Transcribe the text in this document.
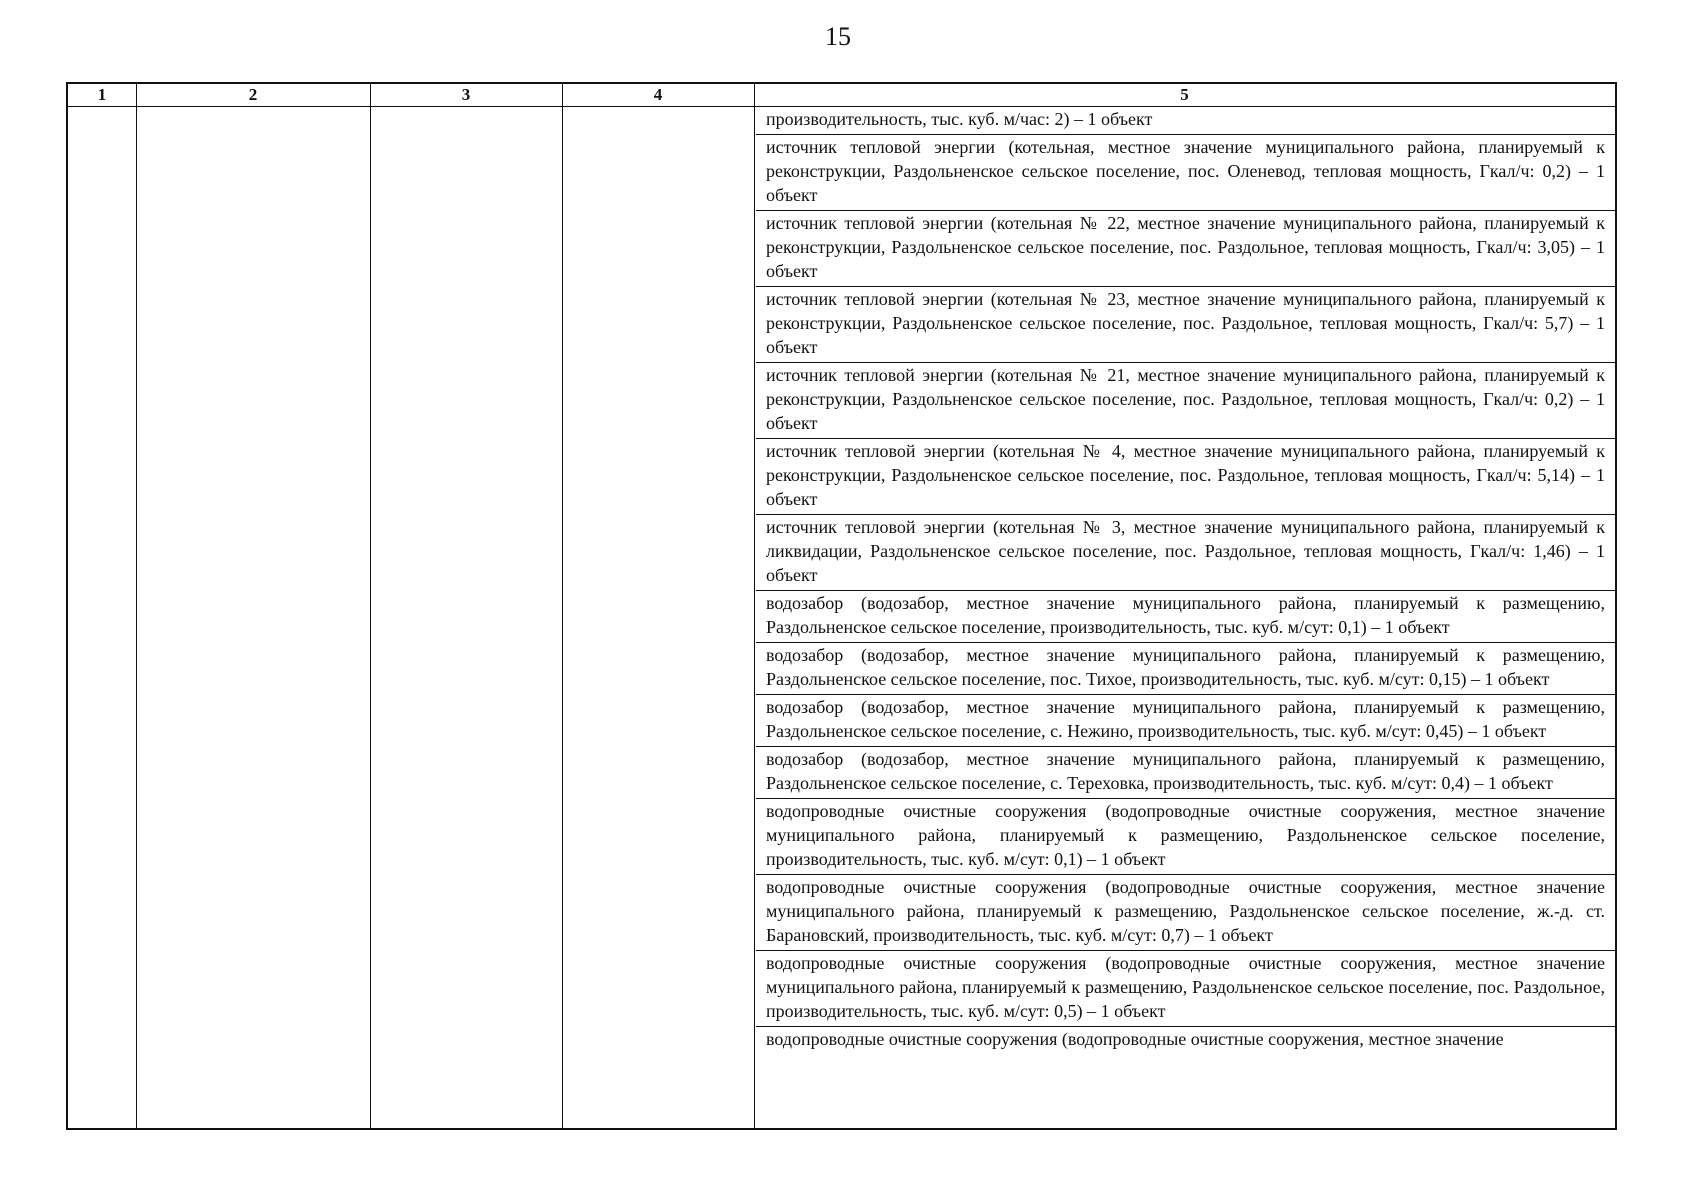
15
1	2	3	4	5
производительность, тыс. куб. м/час: 2) – 1 объект
источник тепловой энергии (котельная, местное значение муниципального района, планируемый к реконструкции, Раздольненское сельское поселение, пос. Оленевод, тепловая мощность, Гкал/ч: 0,2) – 1 объект
источник тепловой энергии (котельная № 22, местное значение муниципального района, планируемый к реконструкции, Раздольненское сельское поселение, пос. Раздольное, тепловая мощность, Гкал/ч: 3,05) – 1 объект
источник тепловой энергии (котельная № 23, местное значение муниципального района, планируемый к реконструкции, Раздольненское сельское поселение, пос. Раздольное, тепловая мощность, Гкал/ч: 5,7) – 1 объект
источник тепловой энергии (котельная № 21, местное значение муниципального района, планируемый к реконструкции, Раздольненское сельское поселение, пос. Раздольное, тепловая мощность, Гкал/ч: 0,2) – 1 объект
источник тепловой энергии (котельная № 4, местное значение муниципального района, планируемый к реконструкции, Раздольненское сельское поселение, пос. Раздольное, тепловая мощность, Гкал/ч: 5,14) – 1 объект
источник тепловой энергии (котельная № 3, местное значение муниципального района, планируемый к ликвидации, Раздольненское сельское поселение, пос. Раздольное, тепловая мощность, Гкал/ч: 1,46) – 1 объект
водозабор (водозабор, местное значение муниципального района, планируемый к размещению, Раздольненское сельское поселение, производительность, тыс. куб. м/сут: 0,1) – 1 объект
водозабор (водозабор, местное значение муниципального района, планируемый к размещению, Раздольненское сельское поселение, пос. Тихое, производительность, тыс. куб. м/сут: 0,15) – 1 объект
водозабор (водозабор, местное значение муниципального района, планируемый к размещению, Раздольненское сельское поселение, с. Нежино, производительность, тыс. куб. м/сут: 0,45) – 1 объект
водозабор (водозабор, местное значение муниципального района, планируемый к размещению, Раздольненское сельское поселение, с. Тереховка, производительность, тыс. куб. м/сут: 0,4) – 1 объект
водопроводные очистные сооружения (водопроводные очистные сооружения, местное значение муниципального района, планируемый к размещению, Раздольненское сельское поселение, производительность, тыс. куб. м/сут: 0,1) – 1 объект
водопроводные очистные сооружения (водопроводные очистные сооружения, местное значение муниципального района, планируемый к размещению, Раздольненское сельское поселение, ж.-д. ст. Барановский, производительность, тыс. куб. м/сут: 0,7) – 1 объект
водопроводные очистные сооружения (водопроводные очистные сооружения, местное значение муниципального района, планируемый к размещению, Раздольненское сельское поселение, пос. Раздольное, производительность, тыс. куб. м/сут: 0,5) – 1 объект
водопроводные очистные сооружения (водопроводные очистные сооружения, местное значение
